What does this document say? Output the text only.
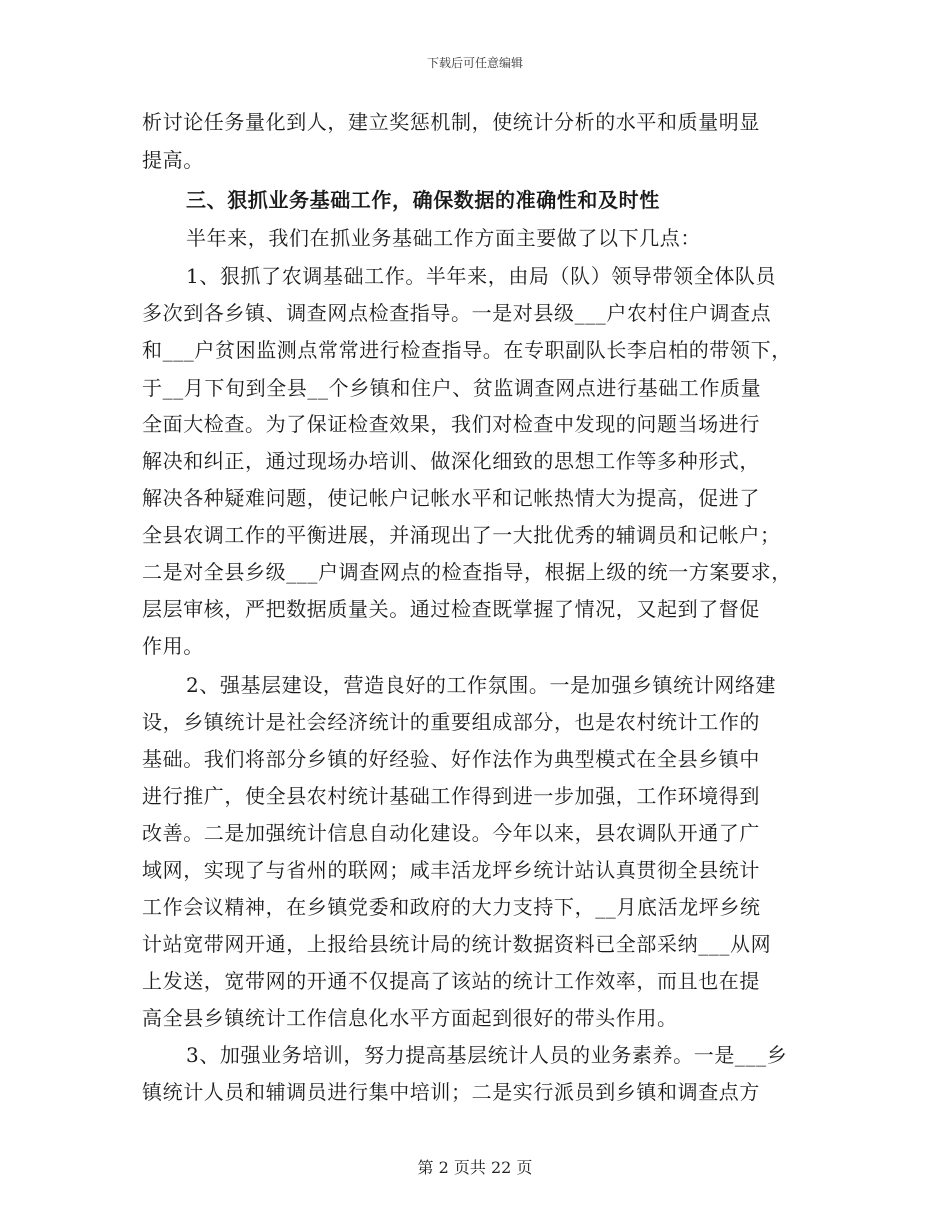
下载后可任意编辑
析讨论任务量化到人，建立奖惩机制，使统计分析的水平和质量明显
提高。
三、狠抓业务基础工作，确保数据的准确性和及时性
半年来，我们在抓业务基础工作方面主要做了以下几点：
1、狠抓了农调基础工作。半年来，由局（队）领导带领全体队员
多次到各乡镇、调查网点检查指导。一是对县级___户农村住户调查点
和___户贫困监测点常常进行检查指导。在专职副队长李启柏的带领下，
于__月下旬到全县__个乡镇和住户、贫监调查网点进行基础工作质量
全面大检查。为了保证检查效果，我们对检查中发现的问题当场进行
解决和纠正，通过现场办培训、做深化细致的思想工作等多种形式，
解决各种疑难问题，使记帐户记帐水平和记帐热情大为提高，促进了
全县农调工作的平衡进展，并涌现出了一大批优秀的辅调员和记帐户；
二是对全县乡级___户调查网点的检查指导，根据上级的统一方案要求，
层层审核，严把数据质量关。通过检查既掌握了情况，又起到了督促
作用。
2、强基层建设，营造良好的工作氛围。一是加强乡镇统计网络建
设，乡镇统计是社会经济统计的重要组成部分，也是农村统计工作的
基础。我们将部分乡镇的好经验、好作法作为典型模式在全县乡镇中
进行推广，使全县农村统计基础工作得到进一步加强，工作环境得到
改善。二是加强统计信息自动化建设。今年以来，县农调队开通了广
域网，实现了与省州的联网；咸丰活龙坪乡统计站认真贯彻全县统计
工作会议精神，在乡镇党委和政府的大力支持下，__月底活龙坪乡统
计站宽带网开通，上报给县统计局的统计数据资料已全部采纳___从网
上发送，宽带网的开通不仅提高了该站的统计工作效率，而且也在提
高全县乡镇统计工作信息化水平方面起到很好的带头作用。
3、加强业务培训，努力提高基层统计人员的业务素养。一是___乡
镇统计人员和辅调员进行集中培训；二是实行派员到乡镇和调查点方
第 2 页共 22 页
